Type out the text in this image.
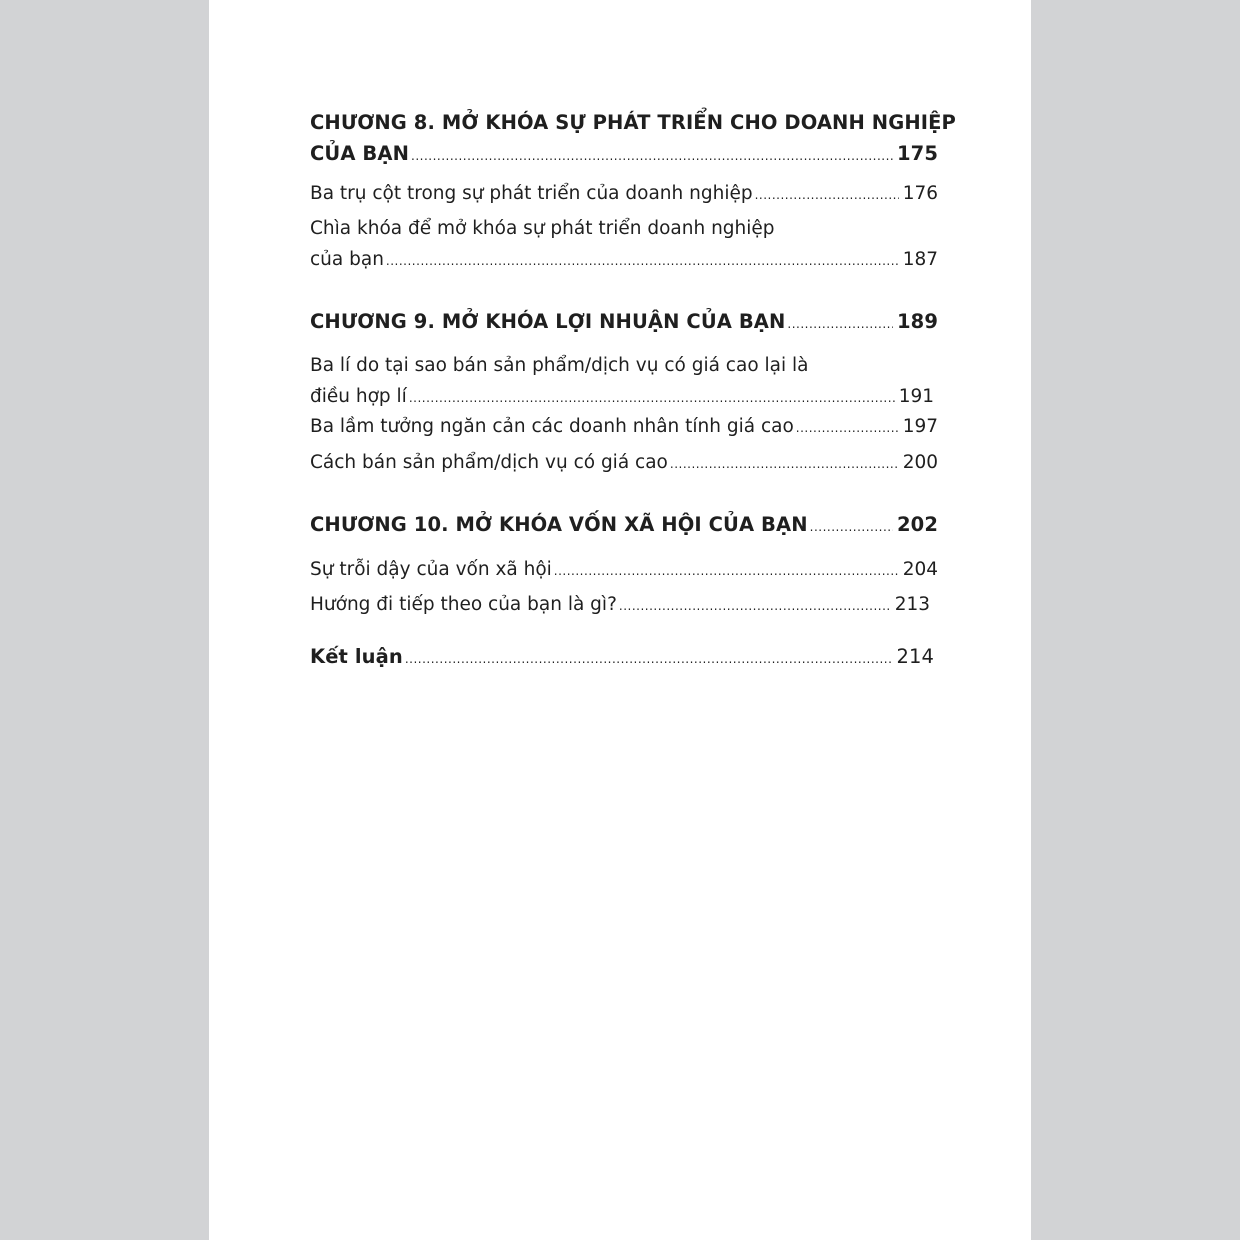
CHƯƠNG 8. MỞ KHÓA SỰ PHÁT TRIỂN CHO DOANH NGHIỆP
CỦA BẠN .....	175
Ba trụ cột trong sự phát triển của doanh nghiệp .....	176
Chìa khóa để mở khóa sự phát triển doanh nghiệp
của bạn .....	187
CHƯƠNG 9. MỞ KHÓA LỢI NHUẬN CỦA BẠN .....	189
Ba lí do tại sao bán sản phẩm/dịch vụ có giá cao lại là
điều hợp lí .....	191
Ba lầm tưởng ngăn cản các doanh nhân tính giá cao .....	197
Cách bán sản phẩm/dịch vụ có giá cao .....	200
CHƯƠNG 10. MỞ KHÓA VỐN XÃ HỘI CỦA BẠN .....	202
Sự trỗi dậy của vốn xã hội .....	204
Hướng đi tiếp theo của bạn là gì? .....	213
Kết luận .....	214
